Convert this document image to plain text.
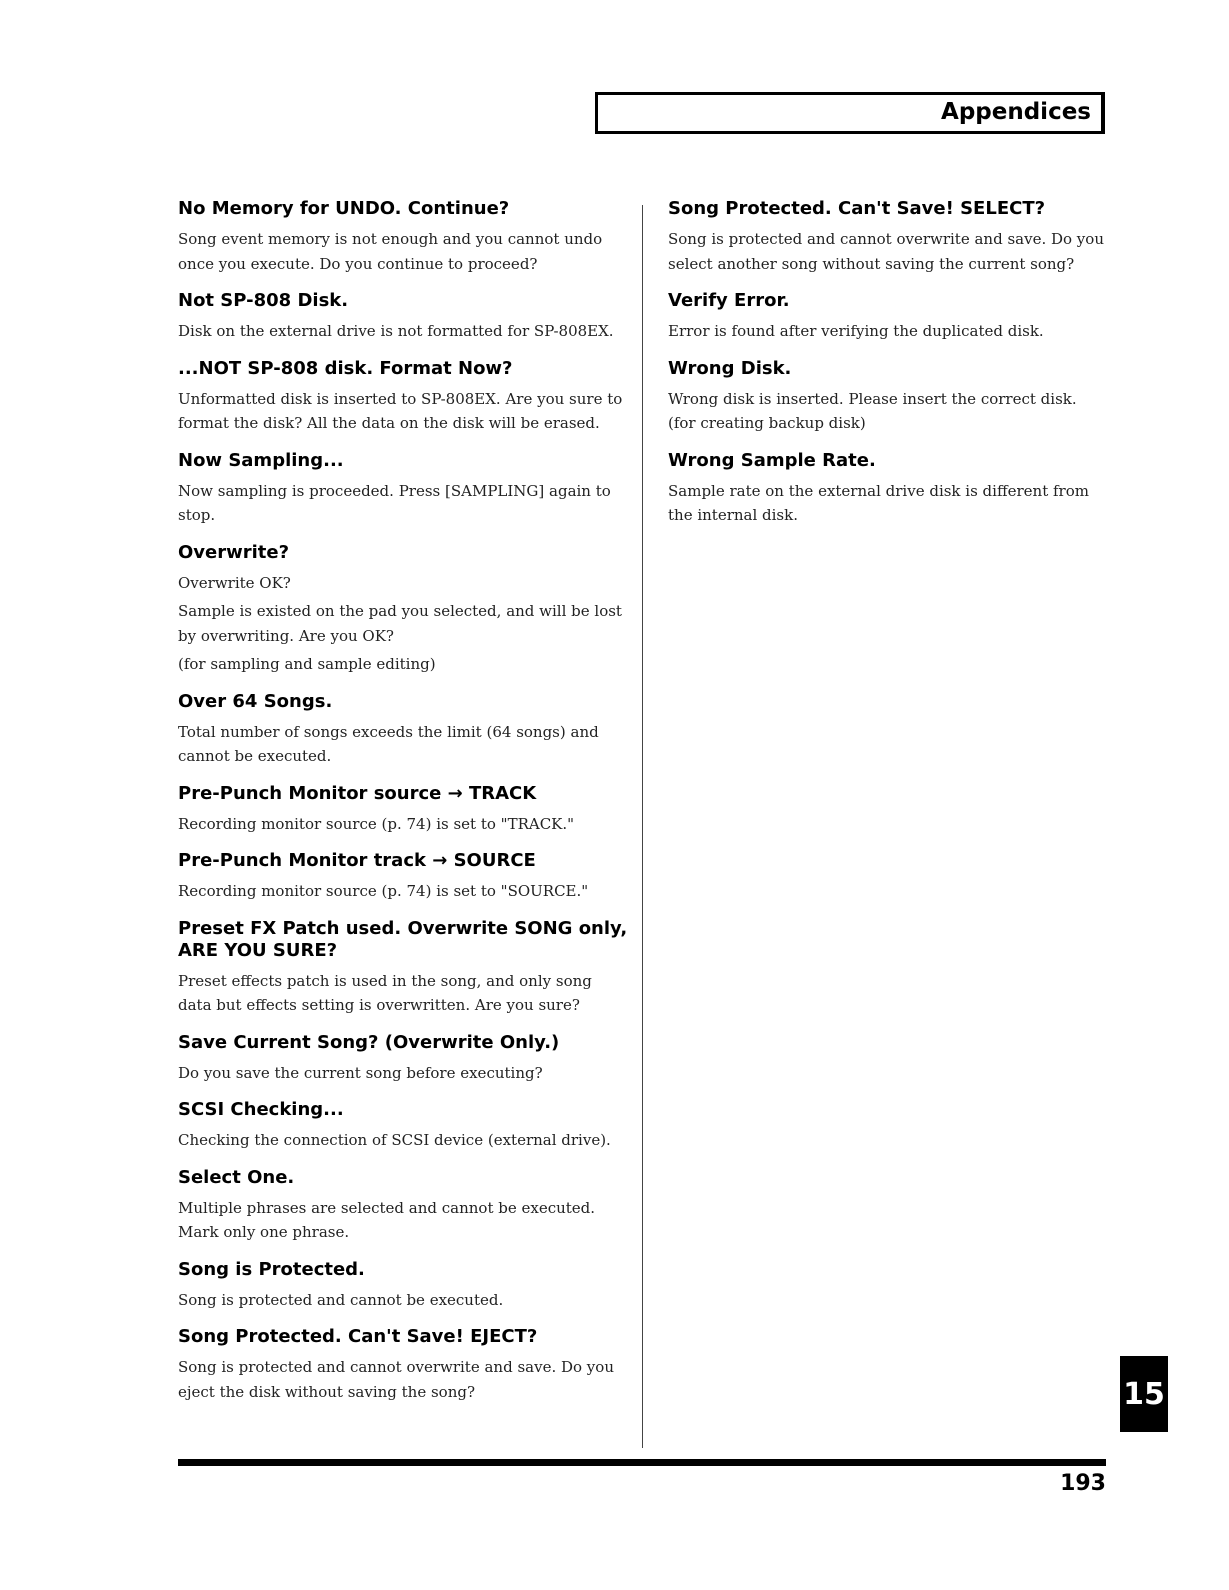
Appendices
No Memory for UNDO. Continue?

Song event memory is not enough and you cannot undo once you execute. Do you continue to proceed?

Not SP-808 Disk.

Disk on the external drive is not formatted for SP-808EX.

...NOT SP-808 disk. Format Now?

Unformatted disk is inserted to SP-808EX. Are you sure to format the disk? All the data on the disk will be erased.

Now Sampling...

Now sampling is proceeded. Press [SAMPLING] again to stop.

Overwrite?

Overwrite OK?

Sample is existed on the pad you selected, and will be lost by overwriting. Are you OK?

(for sampling and sample editing)

Over 64 Songs.

Total number of songs exceeds the limit (64 songs) and cannot be executed.

Pre-Punch Monitor source → TRACK

Recording monitor source (p. 74) is set to "TRACK."

Pre-Punch Monitor track → SOURCE

Recording monitor source (p. 74) is set to "SOURCE."

Preset FX Patch used. Overwrite SONG only, ARE YOU SURE?

Preset effects patch is used in the song, and only song data but effects setting is overwritten. Are you sure?

Save Current Song? (Overwrite Only.)

Do you save the current song before executing?

SCSI Checking...

Checking the connection of SCSI device (external drive).

Select One.

Multiple phrases are selected and cannot be executed. Mark only one phrase.

Song is Protected.

Song is protected and cannot be executed.

Song Protected. Can't Save! EJECT?

Song is protected and cannot overwrite and save. Do you eject the disk without saving the song?

Song Protected. Can't Save! SELECT?

Song is protected and cannot overwrite and save. Do you select another song without saving the current song?

Verify Error.

Error is found after verifying the duplicated disk.

Wrong Disk.

Wrong disk is inserted. Please insert the correct disk. (for creating backup disk)

Wrong Sample Rate.

Sample rate on the external drive disk is different from the internal disk.

15
193
